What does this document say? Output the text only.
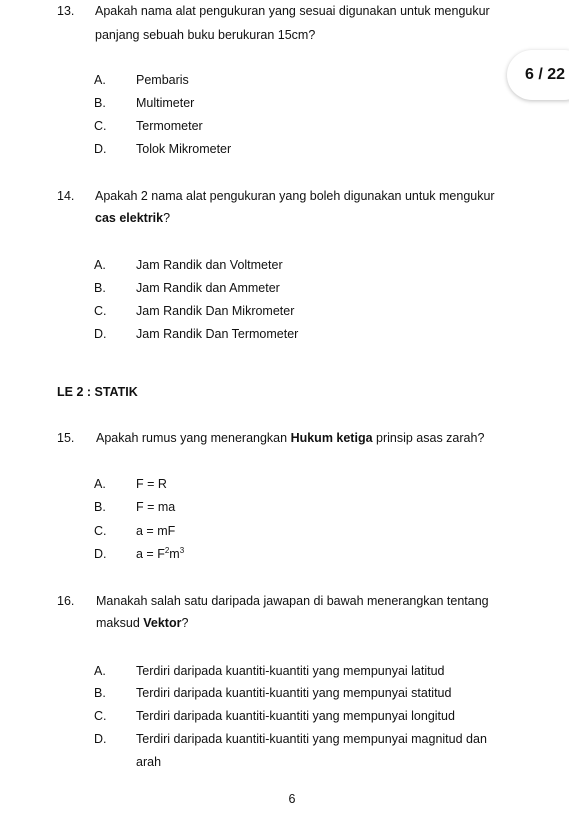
6 / 22
13. Apakah nama alat pengukuran yang sesuai digunakan untuk mengukur
panjang sebuah buku berukuran 15cm?
A. Pembaris
B. Multimeter
C. Termometer
D. Tolok Mikrometer
14. Apakah 2 nama alat pengukuran yang boleh digunakan untuk mengukur
cas elektrik?
A. Jam Randik dan Voltmeter
B. Jam Randik dan Ammeter
C. Jam Randik Dan Mikrometer
D. Jam Randik Dan Termometer
LE 2 : STATIK
15. Apakah rumus yang menerangkan Hukum ketiga prinsip asas zarah?
A. F = R
B. F = ma
C. a = mF
D. $a = F^2m^3$
16. Manakah salah satu daripada jawapan di bawah menerangkan tentang
maksud Vektor?
A. Terdiri daripada kuantiti-kuantiti yang mempunyai latitud
B. Terdiri daripada kuantiti-kuantiti yang mempunyai statitud
C. Terdiri daripada kuantiti-kuantiti yang mempunyai longitud
D. Terdiri daripada kuantiti-kuantiti yang mempunyai magnitud dan
arah
6
